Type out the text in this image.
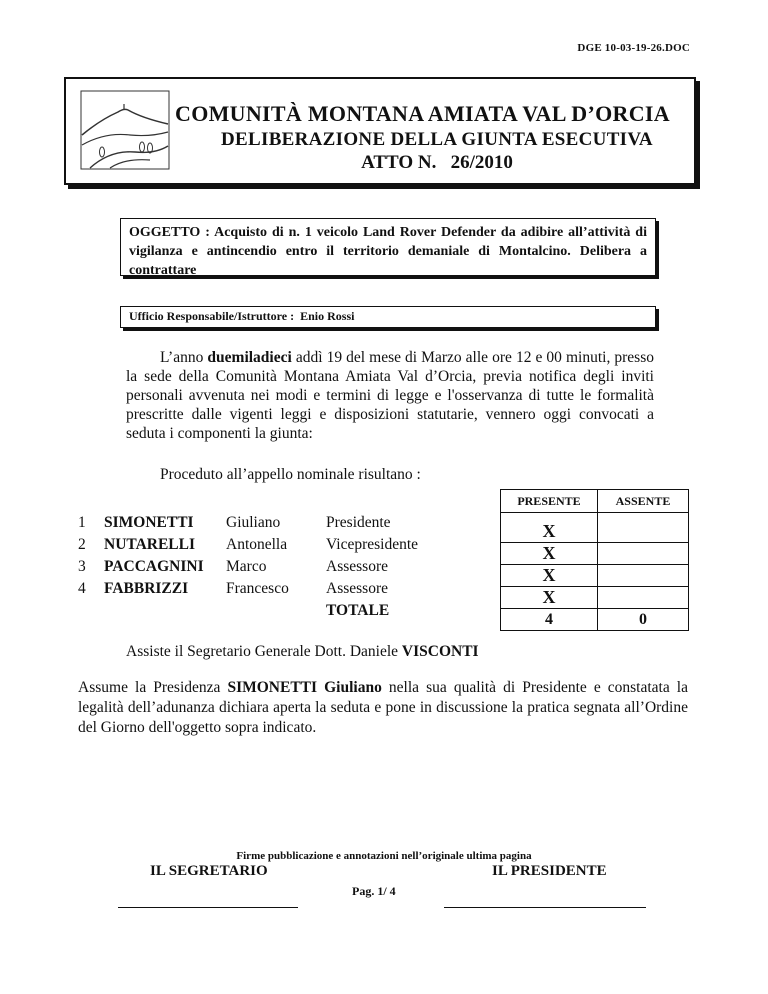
DGE 10-03-19-26.DOC
COMUNITÀ MONTANA AMIATA VAL D’ORCIA
DELIBERAZIONE DELLA GIUNTA ESECUTIVA
ATTO N.   26/2010
OGGETTO : Acquisto di n. 1 veicolo Land Rover Defender da adibire all’attività di vigilanza e antincendio entro il territorio demaniale di Montalcino. Delibera a contrattare
Ufficio Responsabile/Istruttore :  Enio Rossi

L’anno duemiladieci addì 19 del mese di Marzo alle ore 12 e 00 minuti, presso la sede della Comunità Montana Amiata Val d’Orcia, previa notifica degli inviti personali avvenuta nei modi e termini di legge e l'osservanza di tutte le formalità prescritte dalle vigenti leggi e disposizioni statutarie, vennero oggi convocati a seduta i componenti la giunta:

Proceduto all’appello nominale risultano :
1	SIMONETTI	Giuliano	Presidente
2	NUTARELLI	Antonella	Vicepresidente
3	PACCAGNINI	Marco	Assessore
4	FABBRIZZI	Francesco	Assessore
			TOTALE
PRESENTE	ASSENTE

X	
X	
X	
X	
4	0
Assiste il Segretario Generale Dott. Daniele VISCONTI

Assume la Presidenza SIMONETTI Giuliano nella sua qualità di Presidente e constatata la legalità dell’adunanza dichiara aperta la seduta e pone in discussione la pratica segnata all’Ordine del Giorno dell'oggetto sopra indicato.

Firme pubblicazione e annotazioni nell’originale ultima pagina
IL SEGRETARIO	IL PRESIDENTE
Pag. 1/ 4
